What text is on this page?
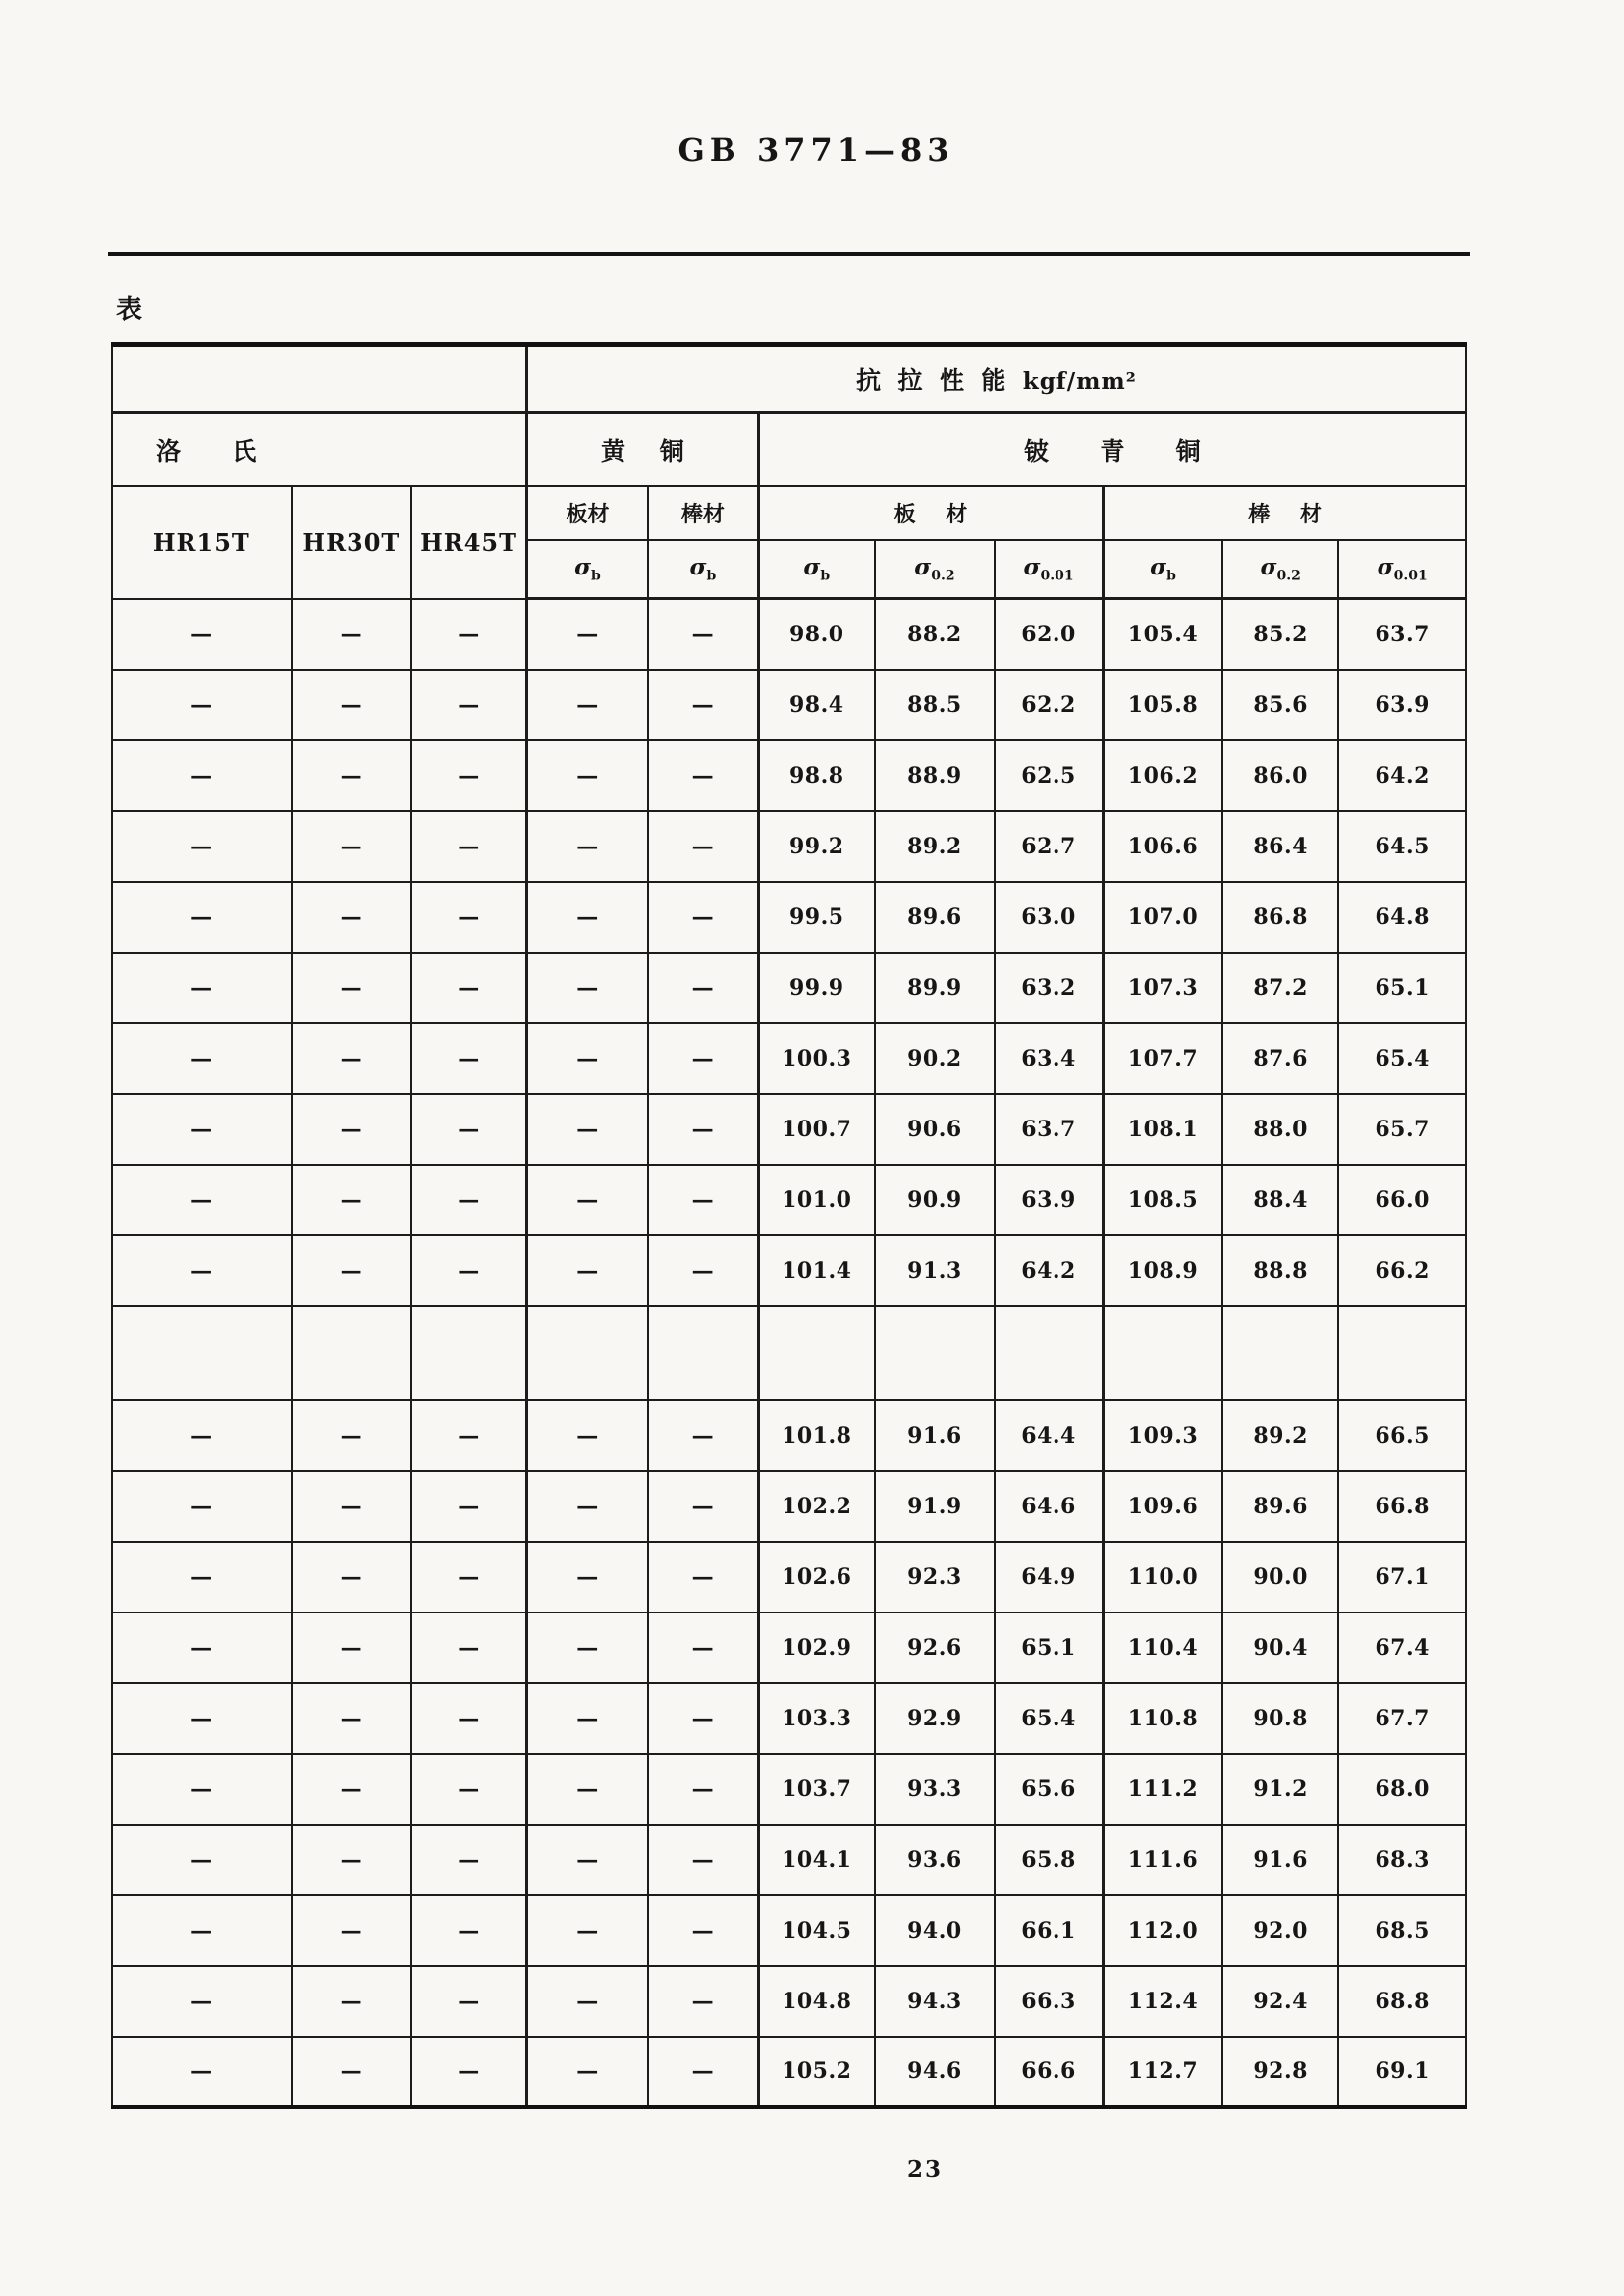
GB 3771—83
表
			抗  拉  性  能 kgf/mm²							
洛      氏			黄    铜		铍      青      铜					
HR15T	HR30T	HR45T	板材	棒材	板    材			棒    材		
			$\sigma_b$	$\sigma_b$	$\sigma_b$	$\sigma_{0.2}$	$\sigma_{0.01}$	$\sigma_b$	$\sigma_{0.2}$	$\sigma_{0.01}$
—	—	—	—	—	98.0	88.2	62.0	105.4	85.2	63.7
—	—	—	—	—	98.4	88.5	62.2	105.8	85.6	63.9
—	—	—	—	—	98.8	88.9	62.5	106.2	86.0	64.2
—	—	—	—	—	99.2	89.2	62.7	106.6	86.4	64.5
—	—	—	—	—	99.5	89.6	63.0	107.0	86.8	64.8
—	—	—	—	—	99.9	89.9	63.2	107.3	87.2	65.1
—	—	—	—	—	100.3	90.2	63.4	107.7	87.6	65.4
—	—	—	—	—	100.7	90.6	63.7	108.1	88.0	65.7
—	—	—	—	—	101.0	90.9	63.9	108.5	88.4	66.0
—	—	—	—	—	101.4	91.3	64.2	108.9	88.8	66.2

—	—	—	—	—	101.8	91.6	64.4	109.3	89.2	66.5
—	—	—	—	—	102.2	91.9	64.6	109.6	89.6	66.8
—	—	—	—	—	102.6	92.3	64.9	110.0	90.0	67.1
—	—	—	—	—	102.9	92.6	65.1	110.4	90.4	67.4
—	—	—	—	—	103.3	92.9	65.4	110.8	90.8	67.7
—	—	—	—	—	103.7	93.3	65.6	111.2	91.2	68.0
—	—	—	—	—	104.1	93.6	65.8	111.6	91.6	68.3
—	—	—	—	—	104.5	94.0	66.1	112.0	92.0	68.5
—	—	—	—	—	104.8	94.3	66.3	112.4	92.4	68.8
—	—	—	—	—	105.2	94.6	66.6	112.7	92.8	69.1
23
